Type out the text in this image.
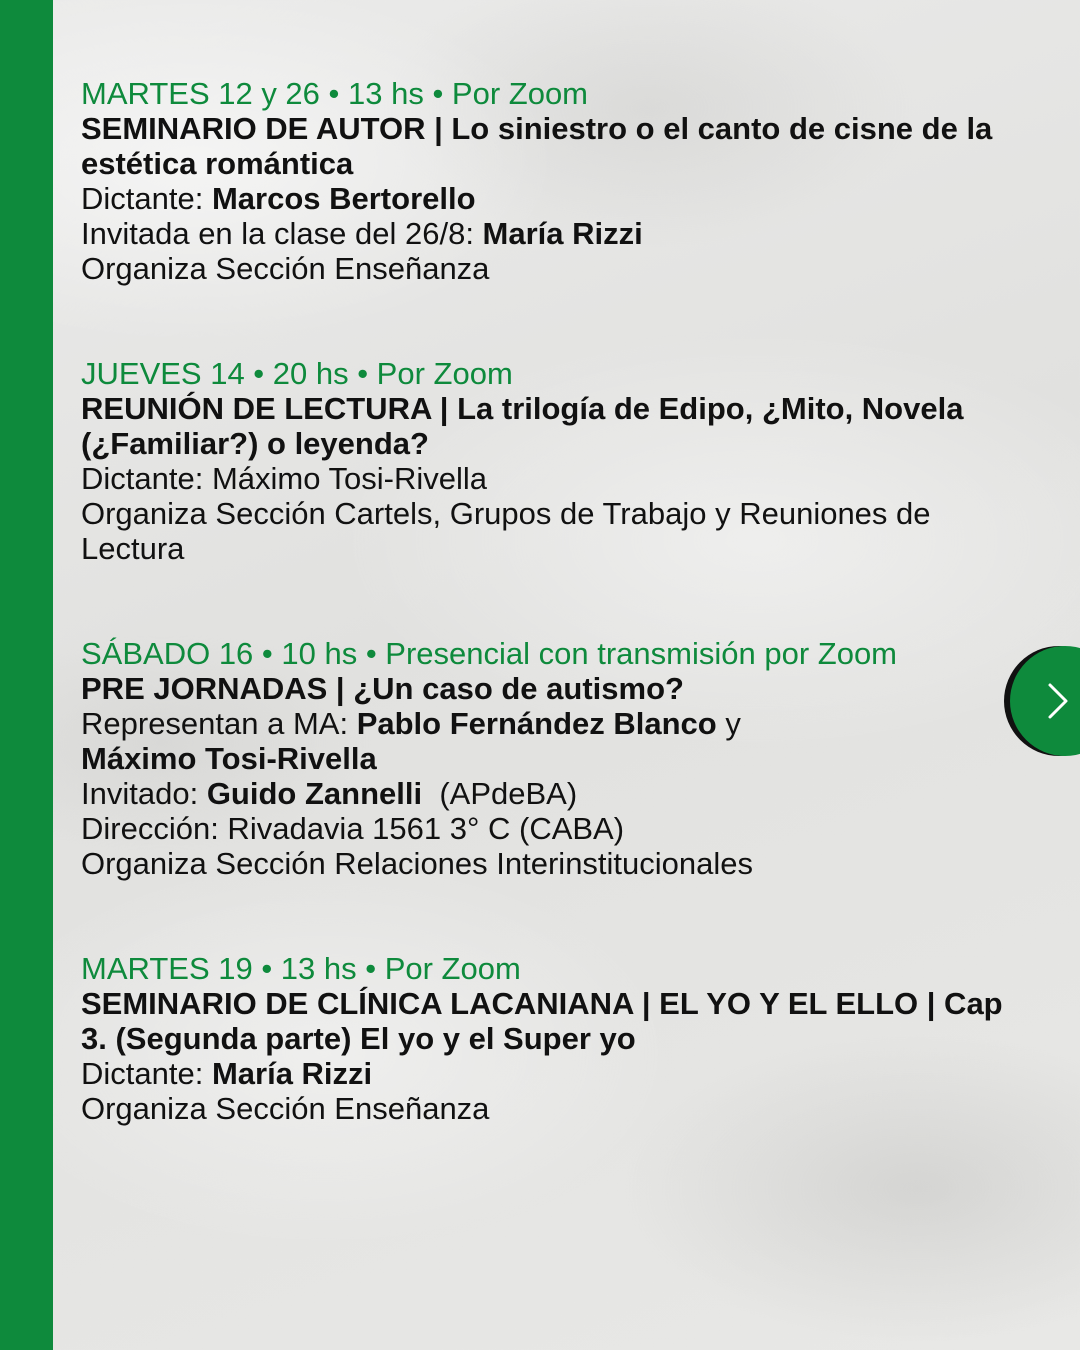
MARTES 12 y 26 • 13 hs • Por Zoom
SEMINARIO DE AUTOR | Lo siniestro o el canto de cisne de la estética romántica
Dictante: Marcos Bertorello
Invitada en la clase del 26/8: María Rizzi
Organiza Sección Enseñanza
JUEVES 14 • 20 hs • Por Zoom
REUNIÓN DE LECTURA | La trilogía de Edipo, ¿Mito, Novela (¿Familiar?) o leyenda?
Dictante: Máximo Tosi-Rivella
Organiza Sección Cartels, Grupos de Trabajo y Reuniones de Lectura
SÁBADO 16 • 10 hs • Presencial con transmisión por Zoom
PRE JORNADAS | ¿Un caso de autismo?
Representan a MA: Pablo Fernández Blanco y
Máximo Tosi-Rivella
Invitado: Guido Zannelli  (APdeBA)
Dirección: Rivadavia 1561 3° C (CABA)
Organiza Sección Relaciones Interinstitucionales
MARTES 19 • 13 hs • Por Zoom
SEMINARIO DE CLÍNICA LACANIANA | EL YO Y EL ELLO | Cap 3. (Segunda parte) El yo y el Super yo
Dictante: María Rizzi
Organiza Sección Enseñanza
